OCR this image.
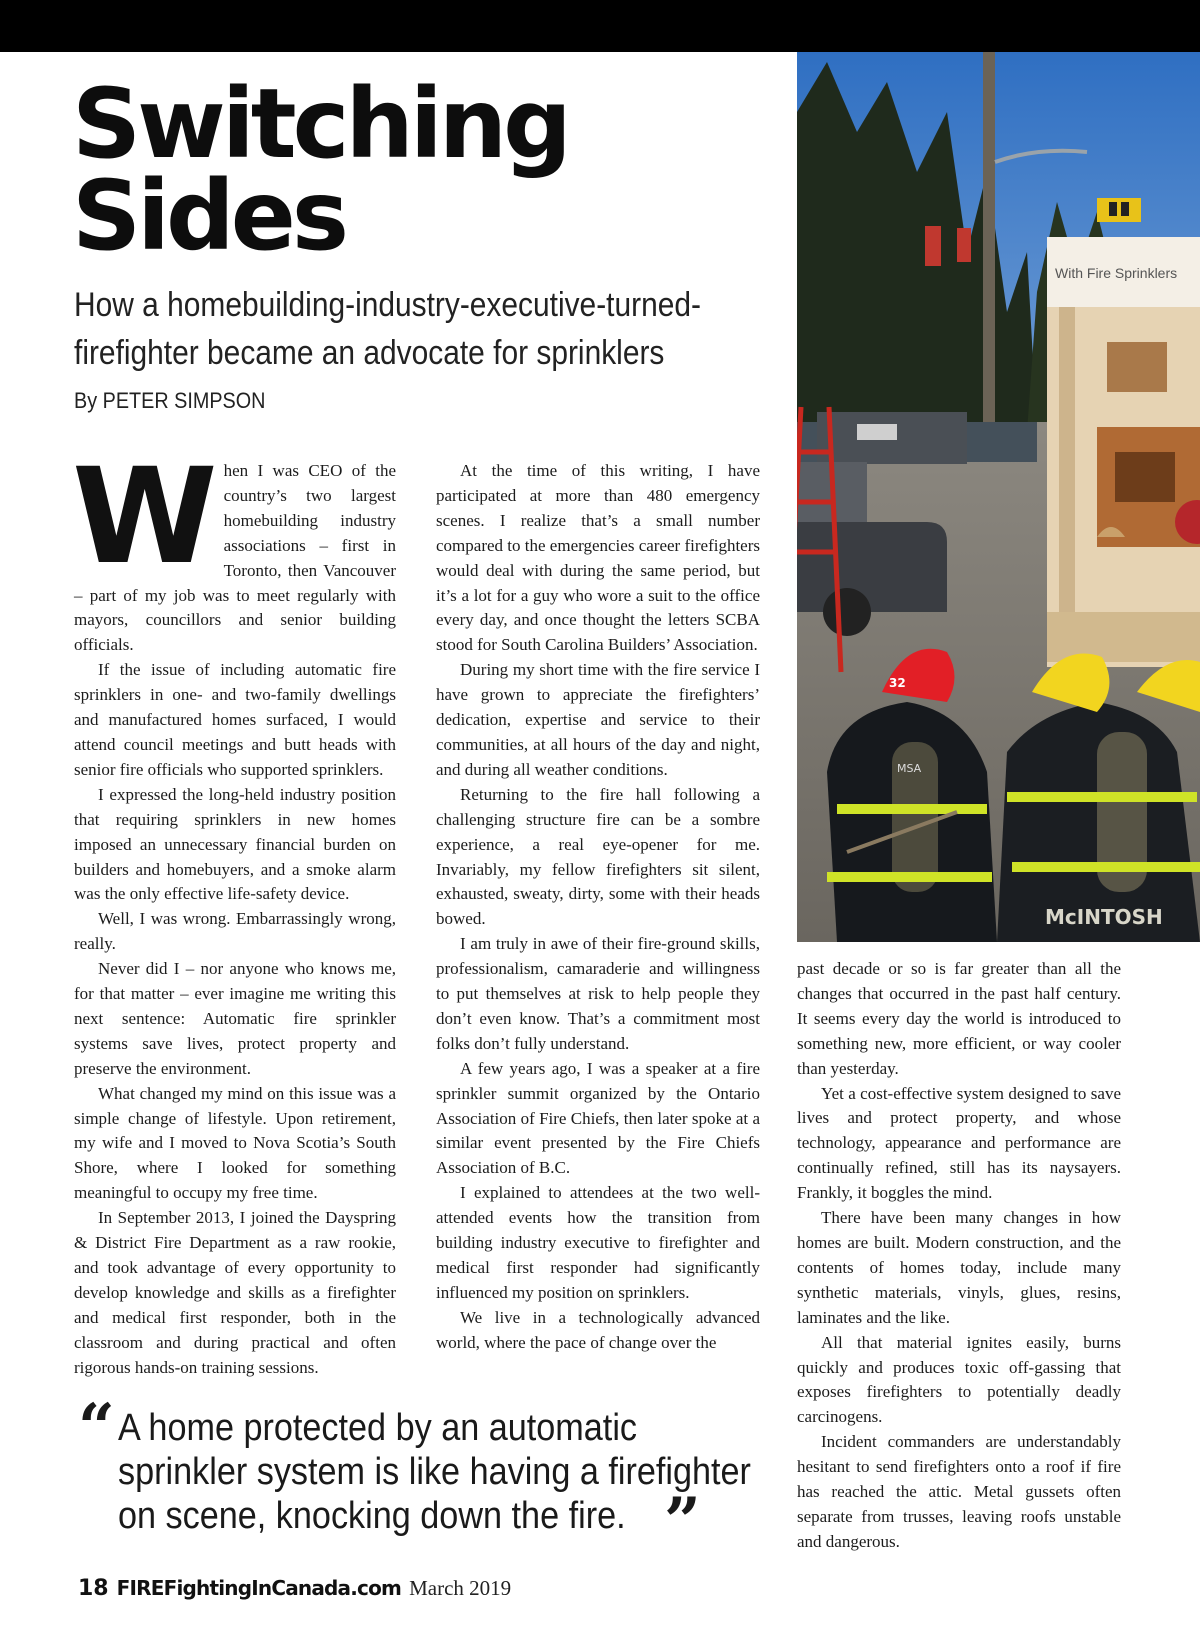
Switching
Sides
How a homebuilding-industry-executive-turned-
firefighter became an advocate for sprinklers
By PETER SIMPSON

When I was CEO of the country’s two largest homebuilding industry associations – first in Toronto, then Vancouver – part of my job was to meet regularly with mayors, councillors and senior building officials.

If the issue of including automatic fire sprinklers in one- and two-family dwellings and manufactured homes surfaced, I would attend council meetings and butt heads with senior fire officials who supported sprinklers.

I expressed the long-held industry position that requiring sprinklers in new homes imposed an unnecessary financial burden on builders and homebuyers, and a smoke alarm was the only effective life-safety device.

Well, I was wrong. Embarrassingly wrong, really.

Never did I – nor anyone who knows me, for that matter – ever imagine me writing this next sentence: Automatic fire sprinkler systems save lives, protect property and preserve the environment.

What changed my mind on this issue was a simple change of lifestyle. Upon retirement, my wife and I moved to Nova Scotia’s South Shore, where I looked for something meaningful to occupy my free time.

In September 2013, I joined the Dayspring & District Fire Department as a raw rookie, and took advantage of every opportunity to develop knowledge and skills as a firefighter and medical first responder, both in the classroom and during practical and often rigorous hands-on training sessions.

At the time of this writing, I have participated at more than 480 emergency scenes. I realize that’s a small number compared to the emergencies career firefighters would deal with during the same period, but it’s a lot for a guy who wore a suit to the office every day, and once thought the letters SCBA stood for South Carolina Builders’ Association.

During my short time with the fire service I have grown to appreciate the firefighters’ dedication, expertise and service to their communities, at all hours of the day and night, and during all weather conditions.

Returning to the fire hall following a challenging structure fire can be a sombre experience, a real eye-opener for me. Invariably, my fellow firefighters sit silent, exhausted, sweaty, dirty, some with their heads bowed.

I am truly in awe of their fire-ground skills, professionalism, camaraderie and willingness to put themselves at risk to help people they don’t even know. That’s a commitment most folks don’t fully understand.

A few years ago, I was a speaker at a fire sprinkler summit organized by the Ontario Association of Fire Chiefs, then later spoke at a similar event presented by the Fire Chiefs Association of B.C.

I explained to attendees at the two well-attended events how the transition from building industry executive to firefighter and medical first responder had significantly influenced my position on sprinklers.

We live in a technologically advanced world, where the pace of change over the

With Fire Sprinklers
MSA
32
McINTOSH

past decade or so is far greater than all the changes that occurred in the past half century. It seems every day the world is introduced to something new, more efficient, or way cooler than yesterday.

Yet a cost-effective system designed to save lives and protect property, and whose technology, appearance and performance are continually refined, still has its naysayers. Frankly, it boggles the mind.

There have been many changes in how homes are built. Modern construction, and the contents of homes today, include many synthetic materials, vinyls, glues, resins, laminates and the like.

All that material ignites easily, burns quickly and produces toxic off-gassing that exposes firefighters to potentially deadly carcinogens.

Incident commanders are understandably hesitant to send firefighters onto a roof if fire has reached the attic. Metal gussets often separate from trusses, leaving roofs unstable and dangerous.

“ A home protected by an automatic
sprinkler system is like having a firefighter
on scene, knocking down the fire. ”
18 FIREFightingInCanada.com March 2019
